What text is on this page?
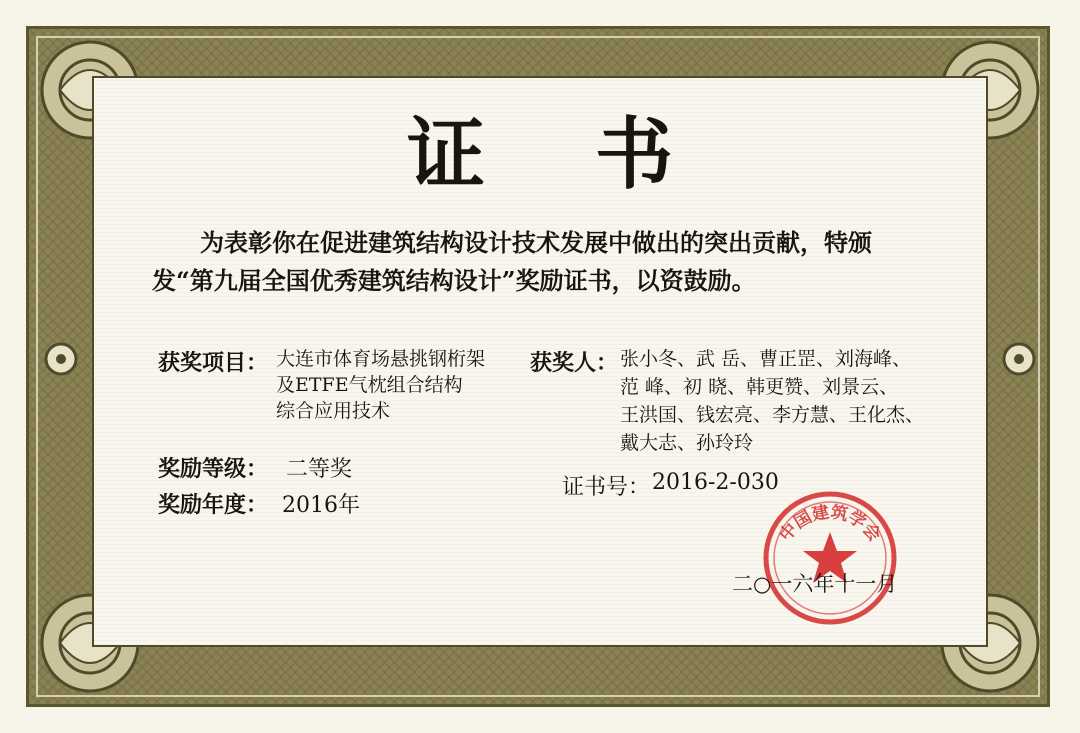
证书
为表彰你在促进建筑结构设计技术发展中做出的突出贡献，特颁发“第九届全国优秀建筑结构设计”奖励证书，以资鼓励。
获奖项目： 大连市体育场悬挑钢桁架
及ETFE气枕组合结构
综合应用技术
获奖人： 张小冬、武 岳、曹正罡、刘海峰、
范 峰、初 晓、韩更赞、刘景云、
王洪国、钱宏亮、李方慧、王化杰、
戴大志、孙玲玲
奖励等级： 二等奖
奖励年度： 2016年
证书号： 2016-2-030
中国建筑学会
二○一六年十一月
